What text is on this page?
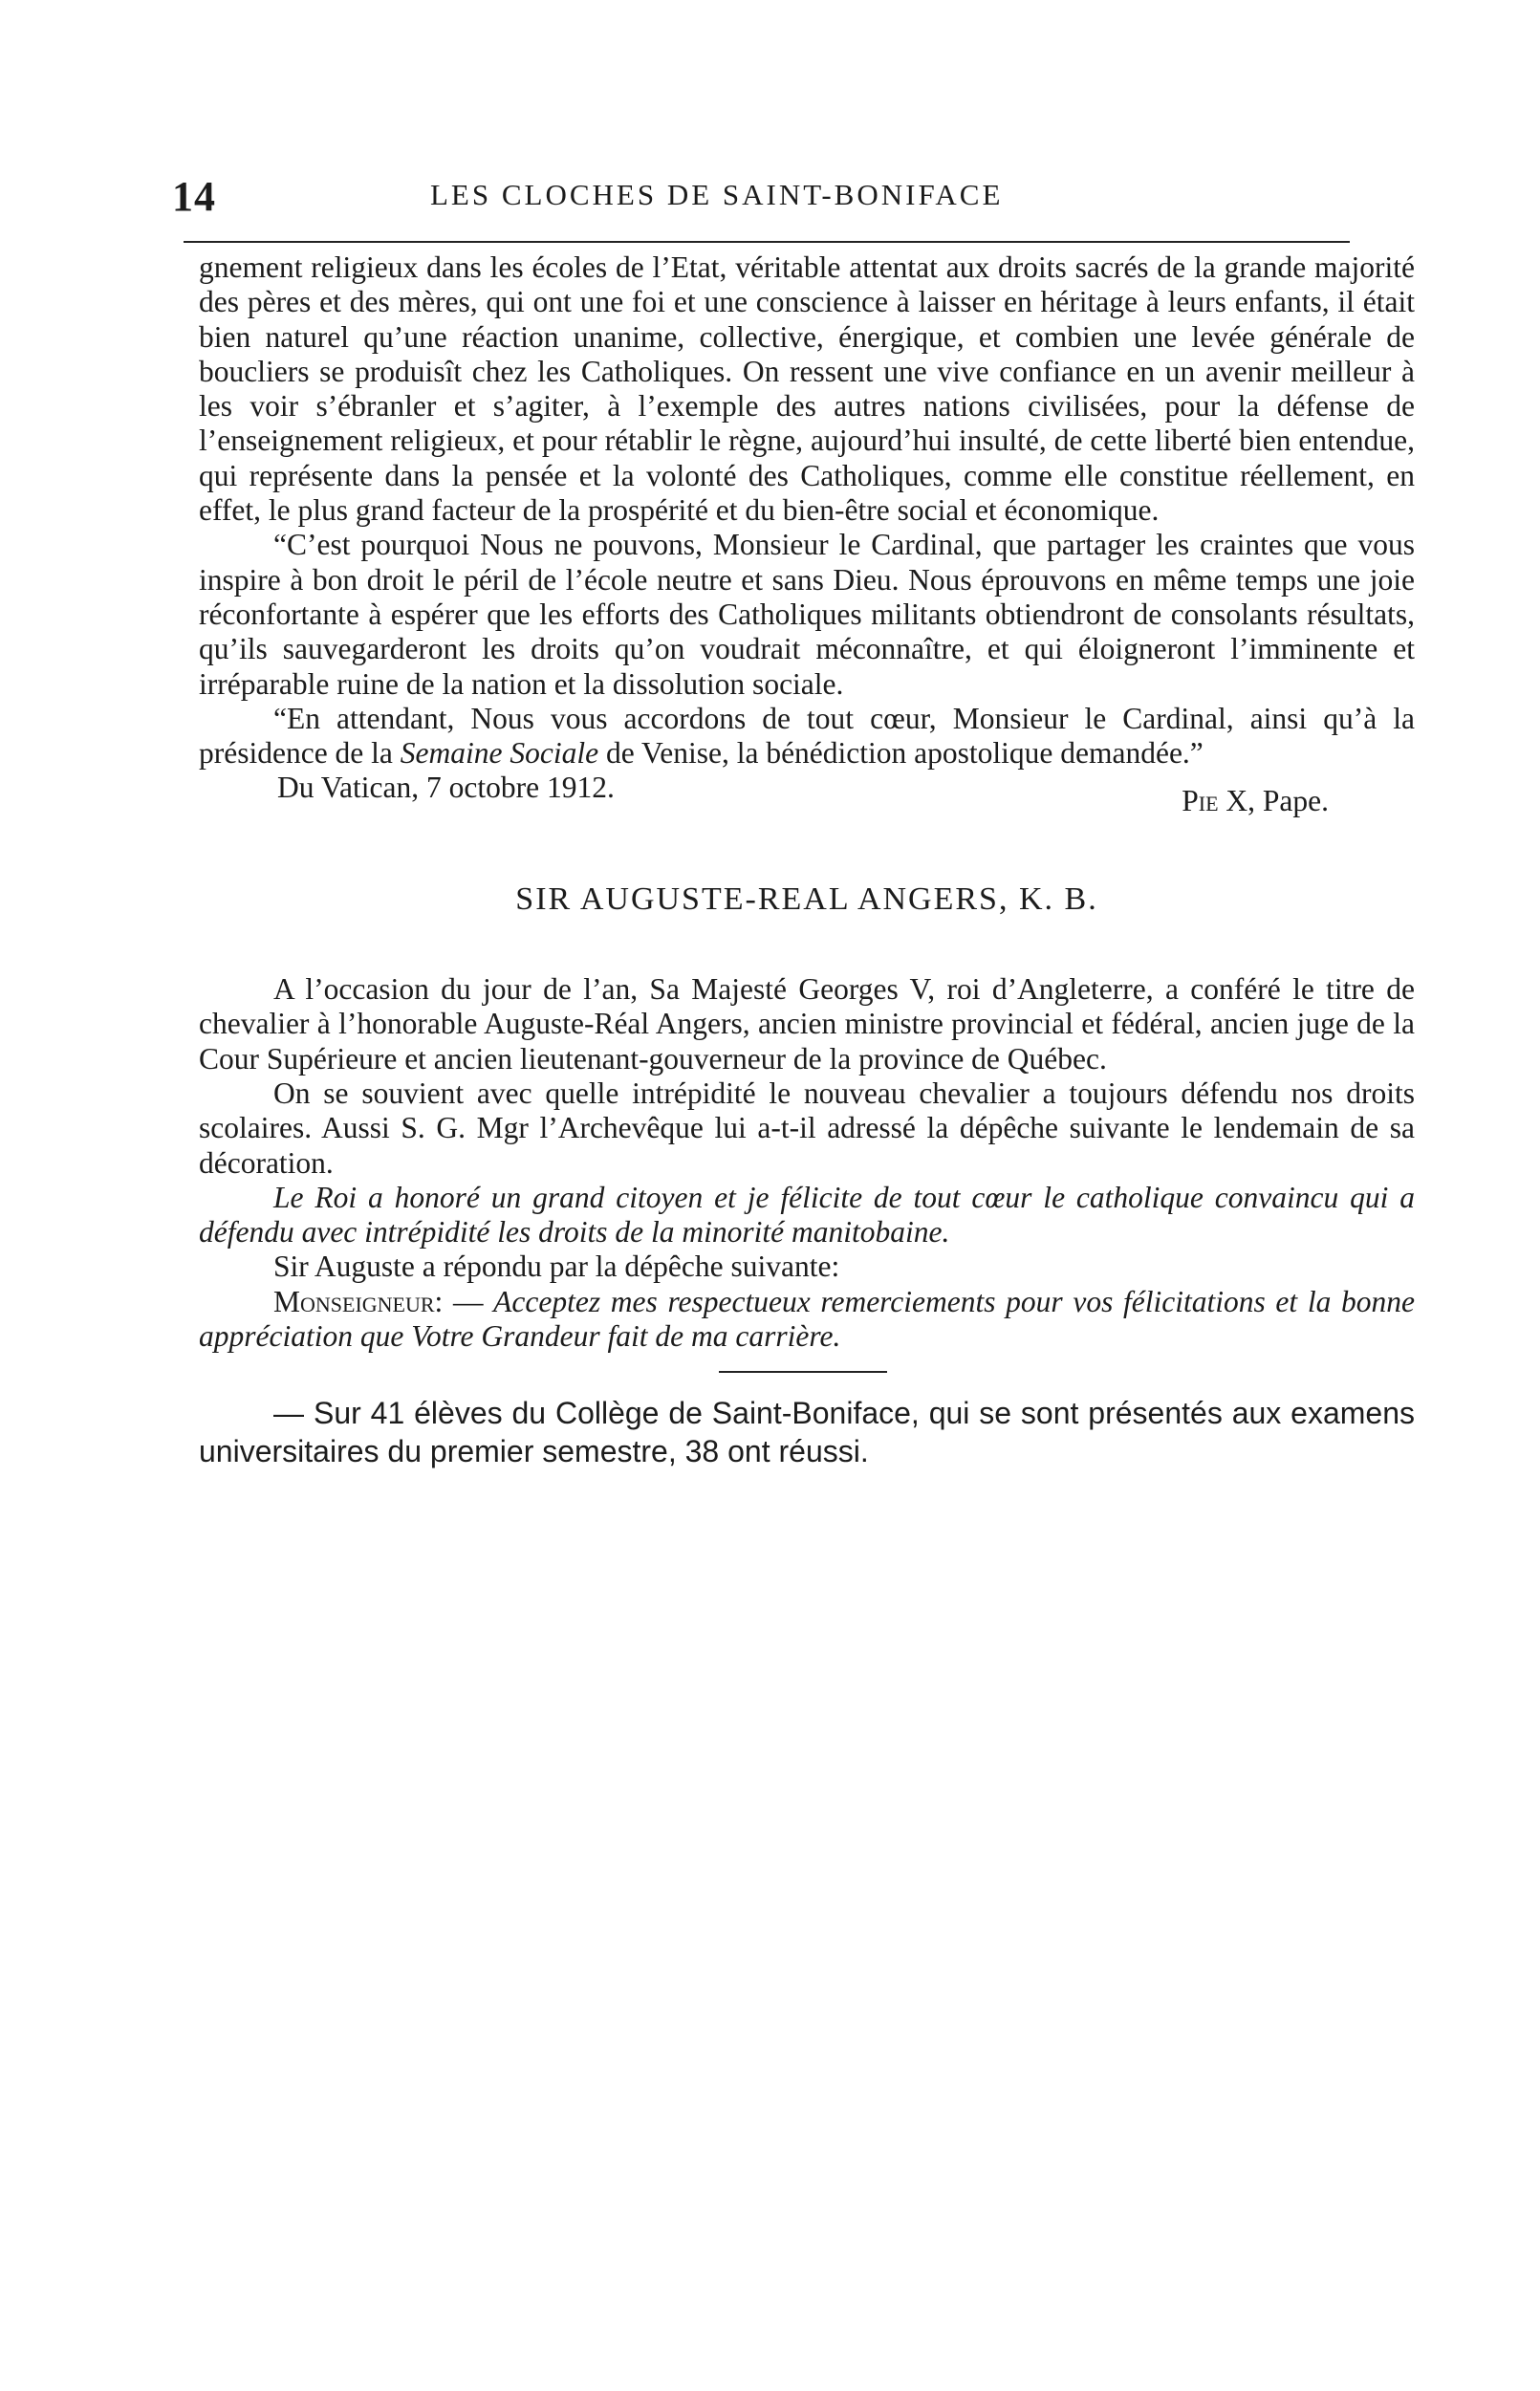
14	LES CLOCHES DE SAINT-BONIFACE

gnement religieux dans les écoles de l’Etat, véritable attentat aux droits sacrés de la grande majorité des pères et des mères, qui ont une foi et une conscience à laisser en héritage à leurs enfants, il était bien naturel qu’une réaction unanime, collective, énergique, et combien une levée générale de boucliers se produisît chez les Catholiques. On ressent une vive confiance en un avenir meilleur à les voir s’ébranler et s’agiter, à l’exemple des autres nations civilisées, pour la défense de l’enseignement religieux, et pour rétablir le règne, aujourd’hui insulté, de cette liberté bien entendue, qui représente dans la pensée et la volonté des Catholiques, comme elle constitue réellement, en effet, le plus grand facteur de la prospérité et du bien-être social et économique.

“C’est pourquoi Nous ne pouvons, Monsieur le Cardinal, que partager les craintes que vous inspire à bon droit le péril de l’école neutre et sans Dieu. Nous éprouvons en même temps une joie réconfortante à espérer que les efforts des Catholiques militants obtiendront de consolants résultats, qu’ils sauvegarderont les droits qu’on voudrait méconnaître, et qui éloigneront l’imminente et irréparable ruine de la nation et la dissolution sociale.

“En attendant, Nous vous accordons de tout cœur, Monsieur le Cardinal, ainsi qu’à la présidence de la Semaine Sociale de Venise, la bénédiction apostolique demandée.”

Du Vatican, 7 octobre 1912.	Pie X, Pape.
SIR AUGUSTE-REAL ANGERS, K. B.

A l’occasion du jour de l’an, Sa Majesté Georges V, roi d’Angleterre, a conféré le titre de chevalier à l’honorable Auguste-Réal Angers, ancien ministre provincial et fédéral, ancien juge de la Cour Supérieure et ancien lieutenant-gouverneur de la province de Québec.

On se souvient avec quelle intrépidité le nouveau chevalier a toujours défendu nos droits scolaires. Aussi S. G. Mgr l’Archevêque lui a-t-il adressé la dépêche suivante le lendemain de sa décoration.

Le Roi a honoré un grand citoyen et je félicite de tout cœur le catholique convaincu qui a défendu avec intrépidité les droits de la minorité manitobaine.

Sir Auguste a répondu par la dépêche suivante:

Monseigneur: — Acceptez mes respectueux remerciements pour vos félicitations et la bonne appréciation que Votre Grandeur fait de ma carrière.

— Sur 41 élèves du Collège de Saint-Boniface, qui se sont présentés aux examens universitaires du premier semestre, 38 ont réussi.
